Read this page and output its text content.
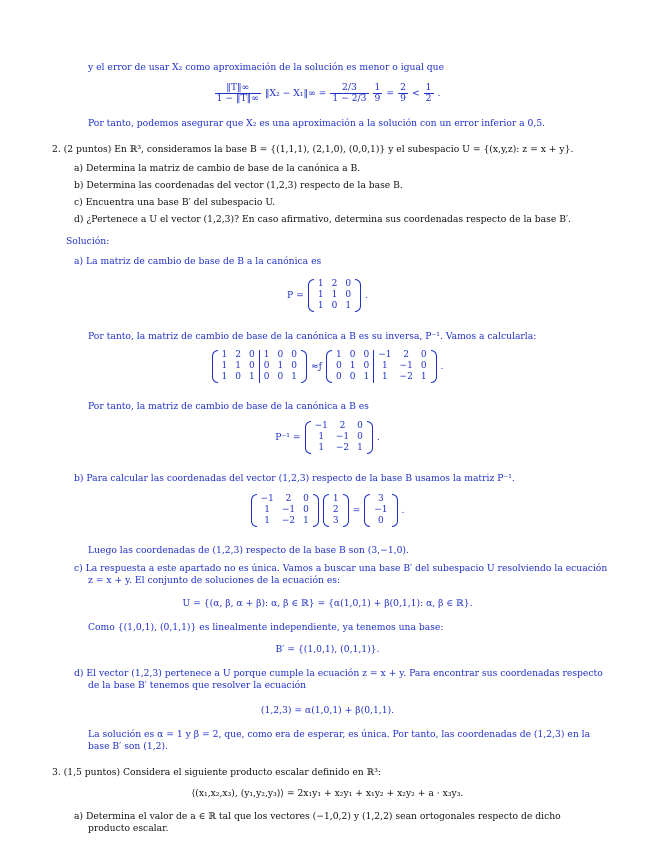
y el error de usar X₂ como aproximación de la solución es menor o igual que
$\frac{‖T‖\infty}{1 - ‖T‖\infty}$ ‖X₂ − X₁‖∞ = $\frac{2/3}{1 - 2/3} \frac{1}{9} = \frac{2}{9} < \frac{1}{2}$ .
Por tanto, podemos asegurar que X₂ es una aproximación a la solución con un error inferior a 0,5.
2. (2 puntos) En ℝ³, consideramos la base B = {(1,1,1), (2,1,0), (0,0,1)} y el subespacio U = {(x,y,z): z = x + y}.
a) Determina la matriz de cambio de base de la canónica a B.
b) Determina las coordenadas del vector (1,2,3) respecto de la base B.
c) Encuentra una base B′ del subespacio U.
d) ¿Pertenece a U el vector (1,2,3)? En caso afirmativo, determina sus coordenadas respecto de la base B′.
Solución:
a) La matriz de cambio de base de B a la canónica es
P =
1	2	0
1	1	0
1	0	1
.
Por tanto, la matriz de cambio de base de la canónica a B es su inversa, P⁻¹. Vamos a calcularla:
1	2	0	1	0	0
1	1	0	0	1	0
1	0	1	0	0	1
≈ƒ
1	0	0	−1	2	0
0	1	0	1	−1	0
0	0	1	1	−2	1
.
Por tanto, la matriz de cambio de base de la canónica a B es
P⁻¹ =
−1	2	0
1	−1	0
1	−2	1
.
b) Para calcular las coordenadas del vector (1,2,3) respecto de la base B usamos la matriz P⁻¹.
−1	2	0
1	−1	0
1	−2	1
1
2
3
=
3
−1
0
.
Luego las coordenadas de (1,2,3) respecto de la base B son (3,−1,0).
c) La respuesta a este apartado no es única. Vamos a buscar una base B′ del subespacio U resolviendo la ecuación
z = x + y. El conjunto de soluciones de la ecuación es:
U = {(α, β, α + β): α, β ∈ ℝ} = {α(1,0,1) + β(0,1,1): α, β ∈ ℝ}.
Como {(1,0,1), (0,1,1)} es linealmente independiente, ya tenemos una base:
B′ = {(1,0,1), (0,1,1)}.
d) El vector (1,2,3) pertenece a U porque cumple la ecuación z = x + y. Para encontrar sus coordenadas respecto
de la base B′ tenemos que resolver la ecuación
(1,2,3) = α(1,0,1) + β(0,1,1).
La solución es α = 1 y β = 2, que, como era de esperar, es única. Por tanto, las coordenadas de (1,2,3) en la
base B′ son (1,2).
3. (1,5 puntos) Considera el siguiente producto escalar definido en ℝ³:
⟨(x₁,x₂,x₃), (y₁,y₂,y₃)⟩ = 2x₁y₁ + x₂y₁ + x₁y₂ + x₂y₂ + a · x₃y₃.
a) Determina el valor de a ∈ ℝ tal que los vectores (−1,0,2) y (1,2,2) sean ortogonales respecto de dicho
producto escalar.
